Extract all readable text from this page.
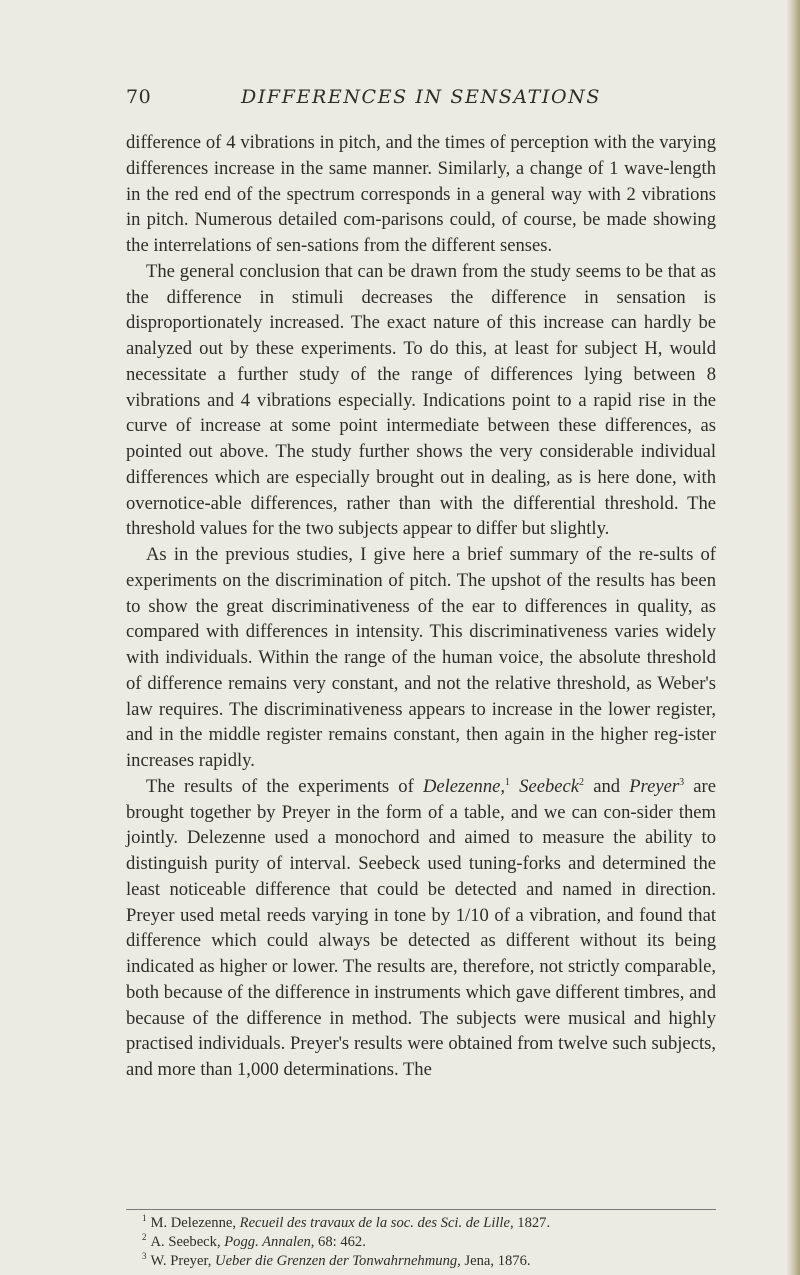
70	DIFFERENCES IN SENSATIONS

difference of 4 vibrations in pitch, and the times of perception with the varying differences increase in the same manner. Similarly, a change of 1 wave-length in the red end of the spectrum corresponds in a general way with 2 vibrations in pitch. Numerous detailed com-parisons could, of course, be made showing the interrelations of sen-sations from the different senses.

The general conclusion that can be drawn from the study seems to be that as the difference in stimuli decreases the difference in sensation is disproportionately increased. The exact nature of this increase can hardly be analyzed out by these experiments. To do this, at least for subject H, would necessitate a further study of the range of differences lying between 8 vibrations and 4 vibrations especially. Indications point to a rapid rise in the curve of increase at some point intermediate between these differences, as pointed out above. The study further shows the very considerable individual differences which are especially brought out in dealing, as is here done, with overnotice-able differences, rather than with the differential threshold. The threshold values for the two subjects appear to differ but slightly.

As in the previous studies, I give here a brief summary of the re-sults of experiments on the discrimination of pitch. The upshot of the results has been to show the great discriminativeness of the ear to differences in quality, as compared with differences in intensity. This discriminativeness varies widely with individuals. Within the range of the human voice, the absolute threshold of difference remains very constant, and not the relative threshold, as Weber's law requires. The discriminativeness appears to increase in the lower register, and in the middle register remains constant, then again in the higher reg-ister increases rapidly.

The results of the experiments of Delezenne,$^1$ Seebeck$^2$ and Preyer$^3$ are brought together by Preyer in the form of a table, and we can con-sider them jointly. Delezenne used a monochord and aimed to measure the ability to distinguish purity of interval. Seebeck used tuning-forks and determined the least noticeable difference that could be detected and named in direction. Preyer used metal reeds varying in tone by 1/10 of a vibration, and found that difference which could always be detected as different without its being indicated as higher or lower. The results are, therefore, not strictly comparable, both because of the difference in instruments which gave different timbres, and because of the difference in method. The subjects were musical and highly practised individuals. Preyer's results were obtained from twelve such subjects, and more than 1,000 determinations. The

$^1$ M. Delezenne, Recueil des travaux de la soc. des Sci. de Lille, 1827.
$^2$ A. Seebeck, Pogg. Annalen, 68: 462.
$^3$ W. Preyer, Ueber die Grenzen der Tonwahrnehmung, Jena, 1876.
